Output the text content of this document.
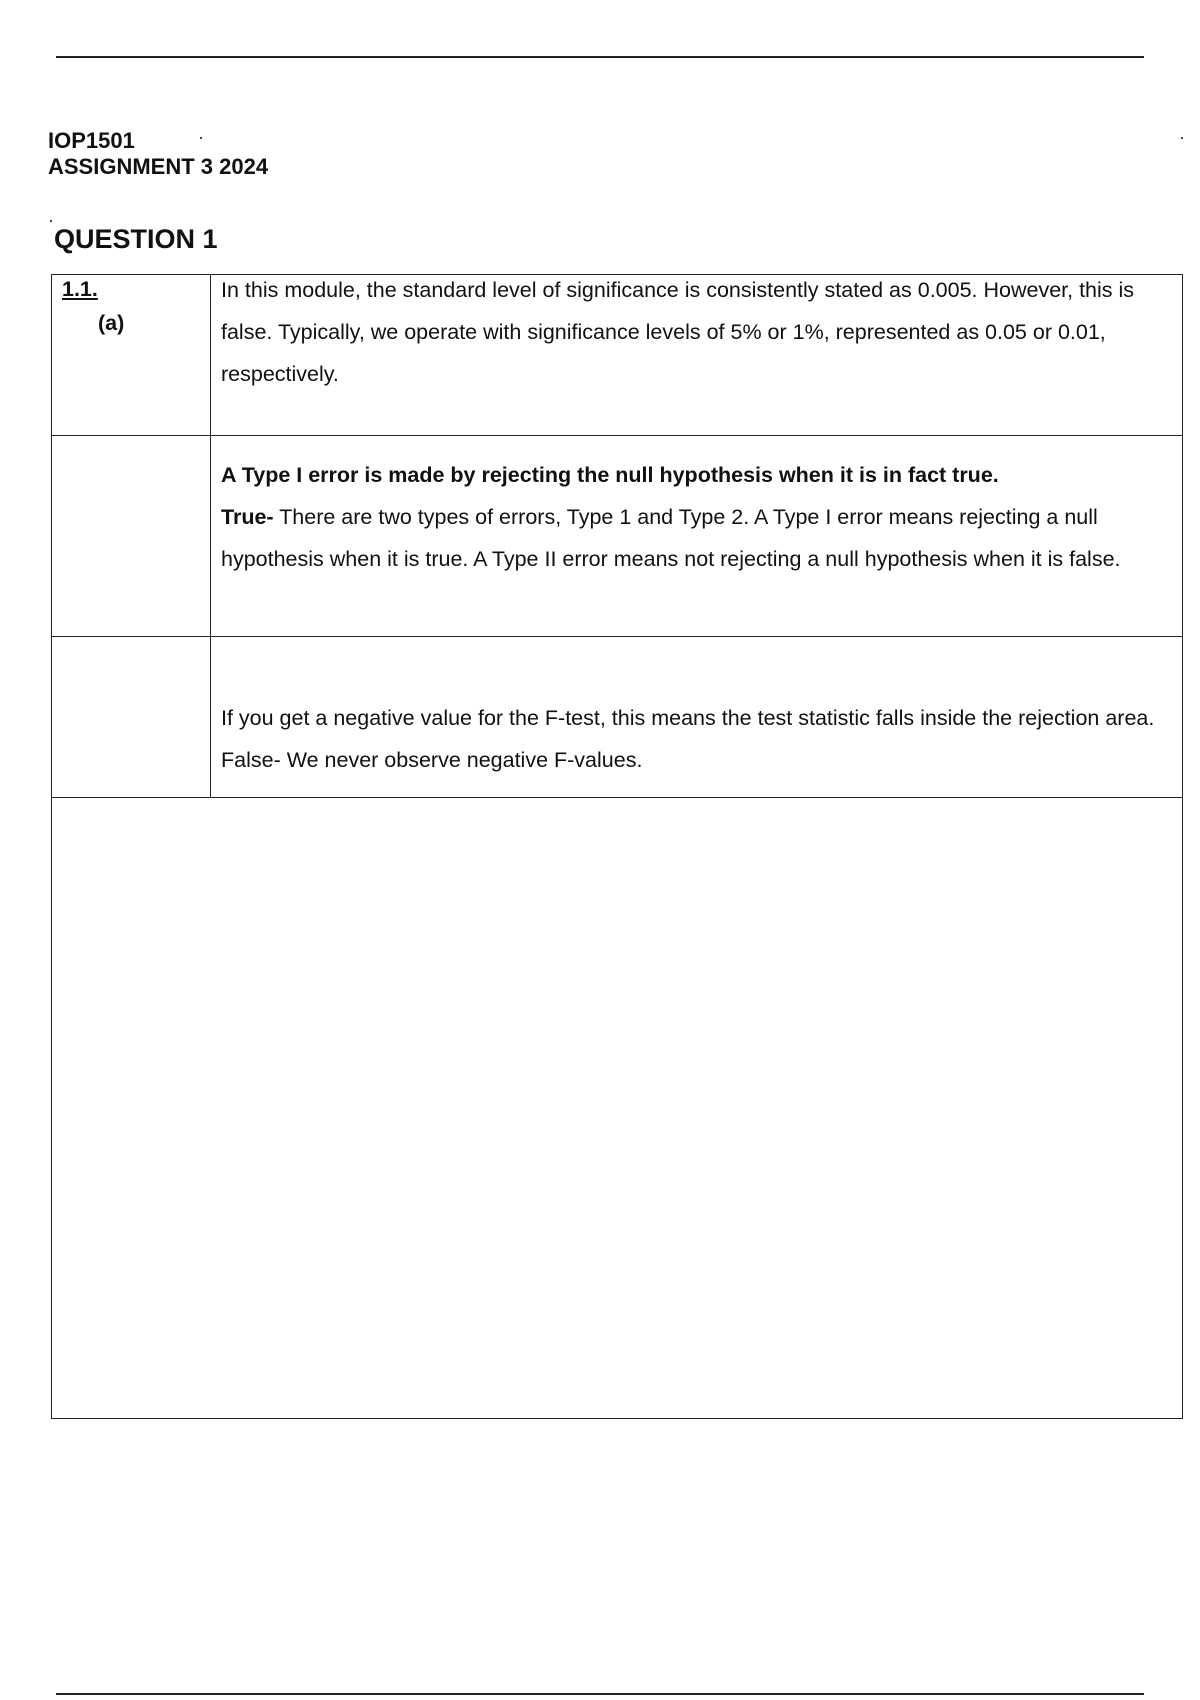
IOP1501
ASSIGNMENT 3 2024
QUESTION 1
1.1.
(a)	In this module, the standard level of significance is consistently stated as 0.005. However, this is false. Typically, we operate with significance levels of 5% or 1%, represented as 0.05 or 0.01, respectively.

	A Type I error is made by rejecting the null hypothesis when it is in fact true.
True- There are two types of errors, Type 1 and Type 2. A Type I error means rejecting a null hypothesis when it is true. A Type II error means not rejecting a null hypothesis when it is false.

	If you get a negative value for the F-test, this means the test statistic falls inside the rejection area. False- We never observe negative F-values.
